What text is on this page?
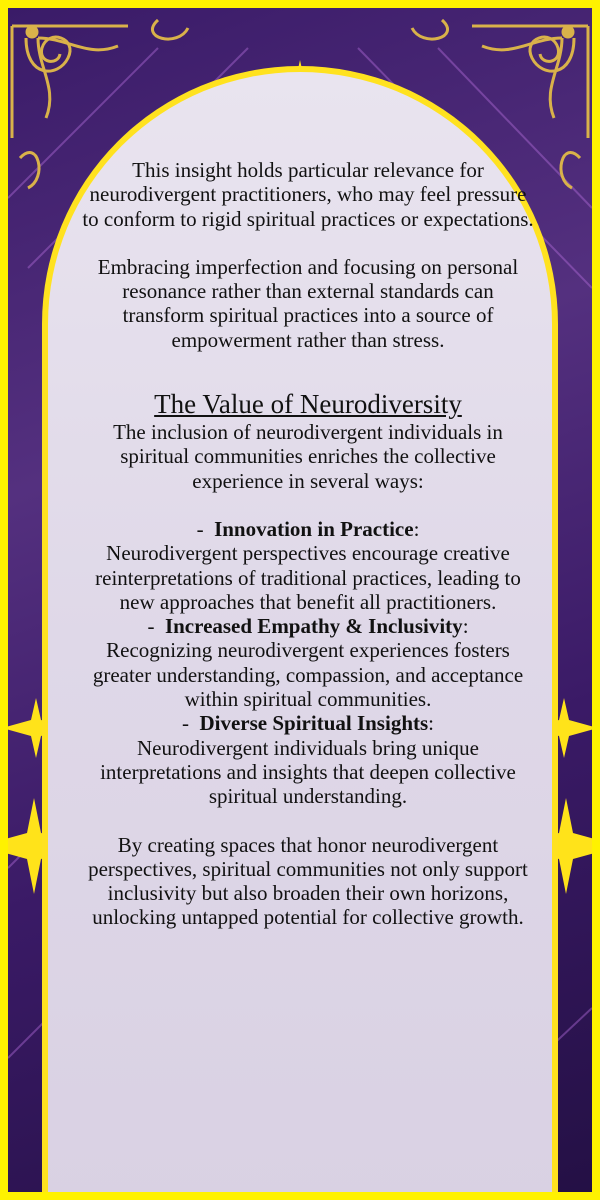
This insight holds particular relevance for neurodivergent practitioners, who may feel pressure to conform to rigid spiritual practices or expectations.

Embracing imperfection and focusing on personal resonance rather than external standards can transform spiritual practices into a source of empowerment rather than stress.

The Value of Neurodiversity

The inclusion of neurodivergent individuals in spiritual communities enriches the collective experience in several ways:

- Innovation in Practice:

Neurodivergent perspectives encourage creative reinterpretations of traditional practices, leading to new approaches that benefit all practitioners.

- Increased Empathy & Inclusivity:

Recognizing neurodivergent experiences fosters greater understanding, compassion, and acceptance within spiritual communities.

- Diverse Spiritual Insights:

Neurodivergent individuals bring unique interpretations and insights that deepen collective spiritual understanding.

By creating spaces that honor neurodivergent perspectives, spiritual communities not only support inclusivity but also broaden their own horizons, unlocking untapped potential for collective growth.
